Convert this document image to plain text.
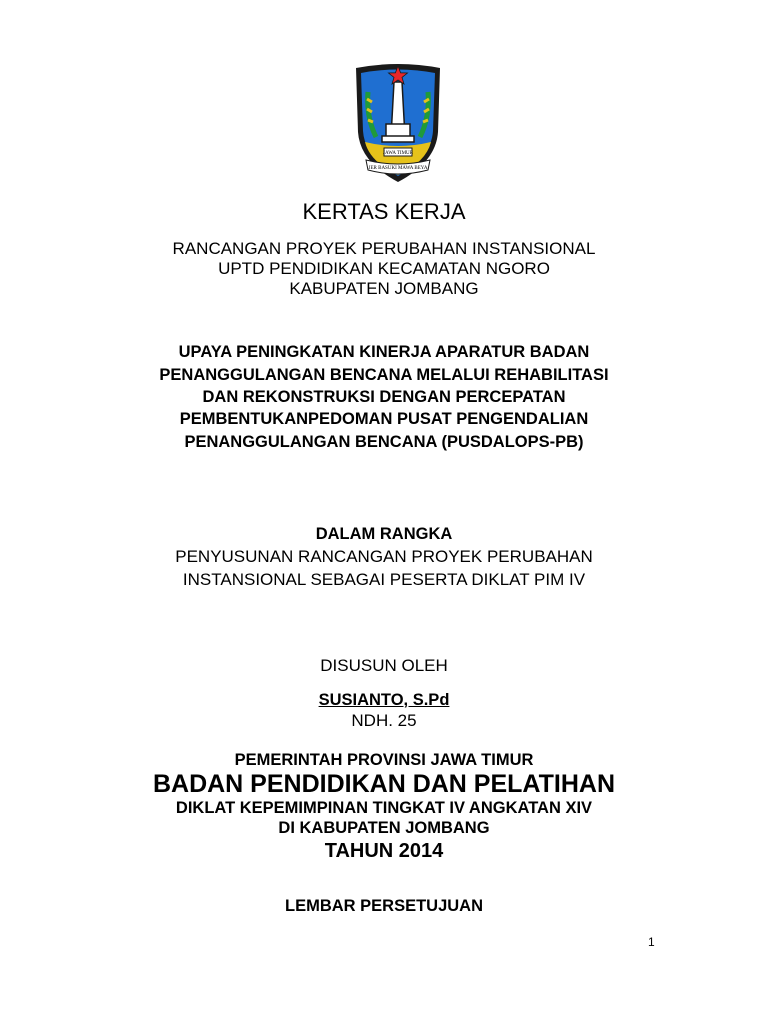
JAWA TIMUR
JER BASUKI MAWA BEYA
KERTAS KERJA
RANCANGAN PROYEK PERUBAHAN INSTANSIONAL
UPTD PENDIDIKAN KECAMATAN NGORO
KABUPATEN JOMBANG
UPAYA PENINGKATAN KINERJA APARATUR BADAN
PENANGGULANGAN BENCANA MELALUI REHABILITASI
DAN REKONSTRUKSI DENGAN PERCEPATAN
PEMBENTUKANPEDOMAN PUSAT PENGENDALIAN
PENANGGULANGAN BENCANA (PUSDALOPS-PB)
DALAM RANGKA
PENYUSUNAN RANCANGAN PROYEK PERUBAHAN
INSTANSIONAL SEBAGAI PESERTA DIKLAT PIM IV
DISUSUN OLEH
SUSIANTO, S.Pd
NDH. 25
PEMERINTAH PROVINSI JAWA TIMUR
BADAN PENDIDIKAN DAN PELATIHAN
DIKLAT KEPEMIMPINAN TINGKAT IV ANGKATAN XIV
DI KABUPATEN JOMBANG
TAHUN 2014
LEMBAR PERSETUJUAN
1
